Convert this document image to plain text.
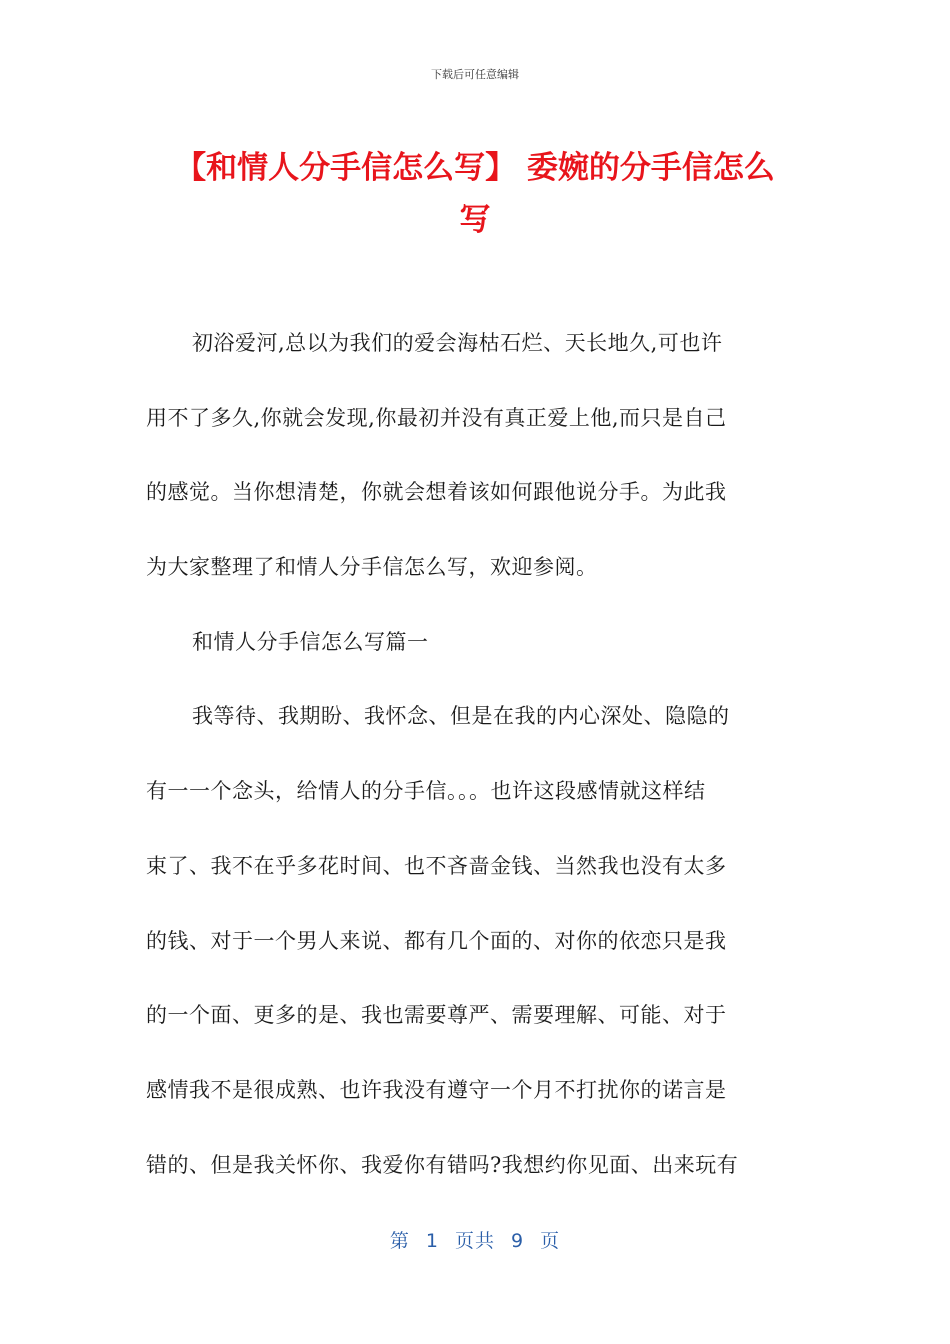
下载后可任意编辑
【和情人分手信怎么写】 委婉的分手信怎么
写
初浴爱河,总以为我们的爱会海枯石烂、天长地久,可也许
用不了多久,你就会发现,你最初并没有真正爱上他,而只是自己
的感觉。当你想清楚，你就会想着该如何跟他说分手。为此我
为大家整理了和情人分手信怎么写，欢迎参阅。
和情人分手信怎么写篇一
我等待、我期盼、我怀念、但是在我的内心深处、隐隐的
有一一个念头，给情人的分手信。。。也许这段感情就这样结
束了、我不在乎多花时间、也不吝啬金钱、当然我也没有太多
的钱、对于一个男人来说、都有几个面的、对你的依恋只是我
的一个面、更多的是、我也需要尊严、需要理解、可能、对于
感情我不是很成熟、也许我没有遵守一个月不打扰你的诺言是
错的、但是我关怀你、我爱你有错吗?我想约你见面、出来玩有
第 1 页共 9 页
